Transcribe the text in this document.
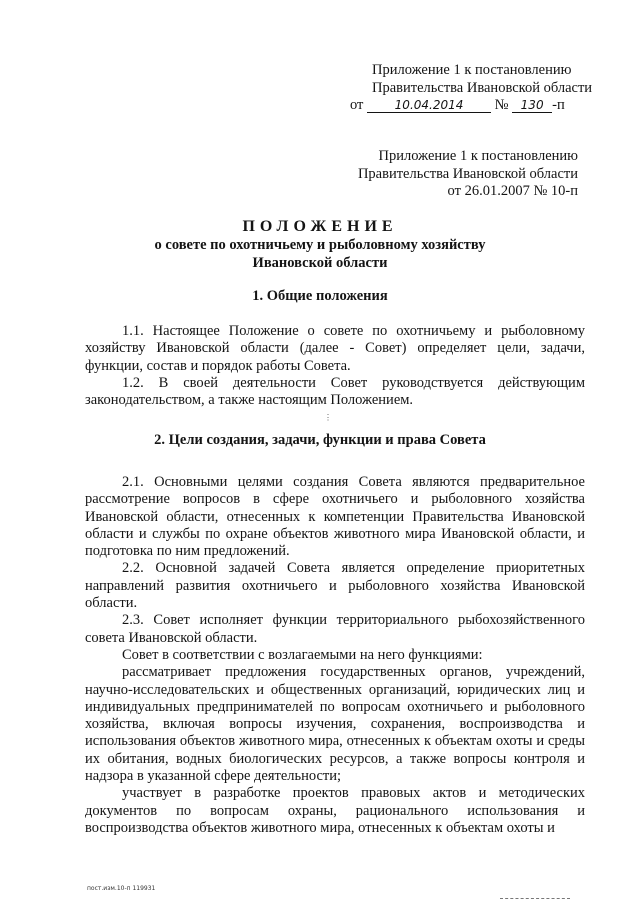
Приложение 1 к постановлению
Правительства Ивановской области
от	10.04.2014 № 130 -п
Приложение 1 к постановлению
Правительства Ивановской области
от 26.01.2007 № 10-п
ПОЛОЖЕНИЕ
о совете по охотничьему и рыболовному хозяйству
Ивановской области
1. Общие положения

1.1. Настоящее Положение о совете по охотничьему и рыболовному хозяйству Ивановской области (далее - Совет) определяет цели, задачи, функции, состав и порядок работы Совета.

1.2. В своей деятельности Совет руководствуется действующим законодательством, а также настоящим Положением.

⋮
2. Цели создания, задачи, функции и права Совета

2.1. Основными целями создания Совета являются предварительное рассмотрение вопросов в сфере охотничьего и рыболовного хозяйства Ивановской области, отнесенных к компетенции Правительства Ивановской области и службы по охране объектов животного мира Ивановской области, и подготовка по ним предложений.

2.2. Основной задачей Совета является определение приоритетных направлений развития охотничьего и рыболовного хозяйства Ивановской области.

2.3. Совет исполняет функции территориального рыбохозяйственного совета Ивановской области.

Совет в соответствии с возлагаемыми на него функциями:

рассматривает предложения государственных органов, учреждений, научно-исследовательских и общественных организаций, юридических лиц и индивидуальных предпринимателей по вопросам охотничьего и рыболовного хозяйства, включая вопросы изучения, сохранения, воспроизводства и использования объектов животного мира, отнесенных к объектам охоты и среды их обитания, водных биологических ресурсов, а также вопросы контроля и надзора в указанной сфере деятельности;

участвует в разработке проектов правовых актов и методических документов по вопросам охраны, рационального использования и воспроизводства объектов животного мира, отнесенных к объектам охоты и

пост.изм.10-п 119931
